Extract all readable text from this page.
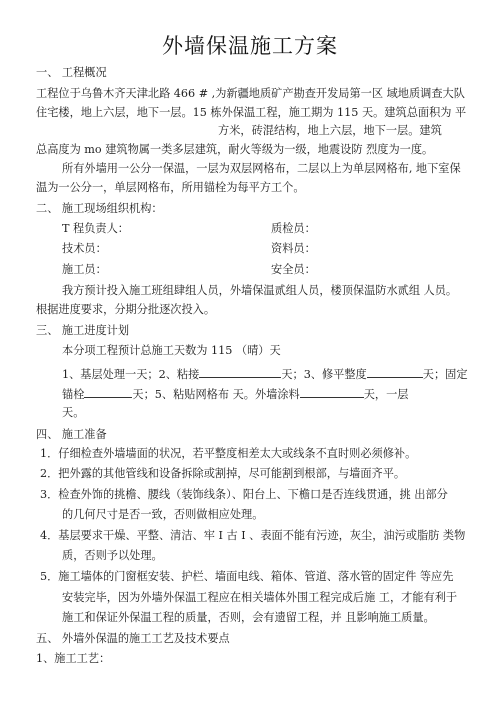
外墙保温施工方案
一、 工程概况
工程位于乌鲁木齐天津北路 466 # ,为新疆地质矿产勘查开发局第一区 域地质调查大队
住宅楼，地上六层，地下一层。15 栋外保温工程，施工期为 115 天。建筑总面积为 平
方米，砖混结构，地上六层，地下一层。建筑
总高度为 mo 建筑物属一类多层建筑，耐火等级为一级，地震设防 烈度为一度。
所有外墙用一公分一保温，一层为双层网格布，二层以上为单层网格布, 地下室保
温为一公分一，单层网格布，所用锚栓为每平方工个。
二、 施工现场组织机构：
T 程负责人：	质检员：
技术员：	资料员：
施工员：	安全员：
我方预计投入施工班组肆组人员，外墙保温贰组人员，楼顶保温防水贰组 人员。
根据进度要求，分期分批逐次投入。
三、 施工进度计划
本分项工程预计总施工天数为 115 （晴）天
1、基层处理一天；2、粘接	天；3、修平整度	天；固定
锚栓	天；5、粘贴网格布 天。外墙涂料	天，一层
天。
四、 施工准备
1．仔细检查外墙墙面的状况，若平整度相差太大或线条不直时则必须修补。
2．把外露的其他管线和设备拆除或割掉，尽可能割到根部，与墙面齐平。
3．检查外饰的挑檐、腰线（装饰线条）、阳台上、下檐口是否连线贯通，挑 出部分
的几何尺寸是否一致，否则做相应处理。
4．基层要求干燥、平整、清洁、牢 I 古 I 、表面不能有污迹，灰尘，油污或脂肪 类物
质，否则予以处理。
5．施工墙体的门窗框安装、护栏、墙面电线、箱体、管道、落水管的固定件 等应先
安装完毕，因为外墙外保温工程应在相关墙体外围工程完成后施 工，才能有利于
施工和保证外保温工程的质量，否则，会有遗留工程，并 且影响施工质量。
五、 外墙外保温的施工工艺及技术要点
1、施工工艺：
